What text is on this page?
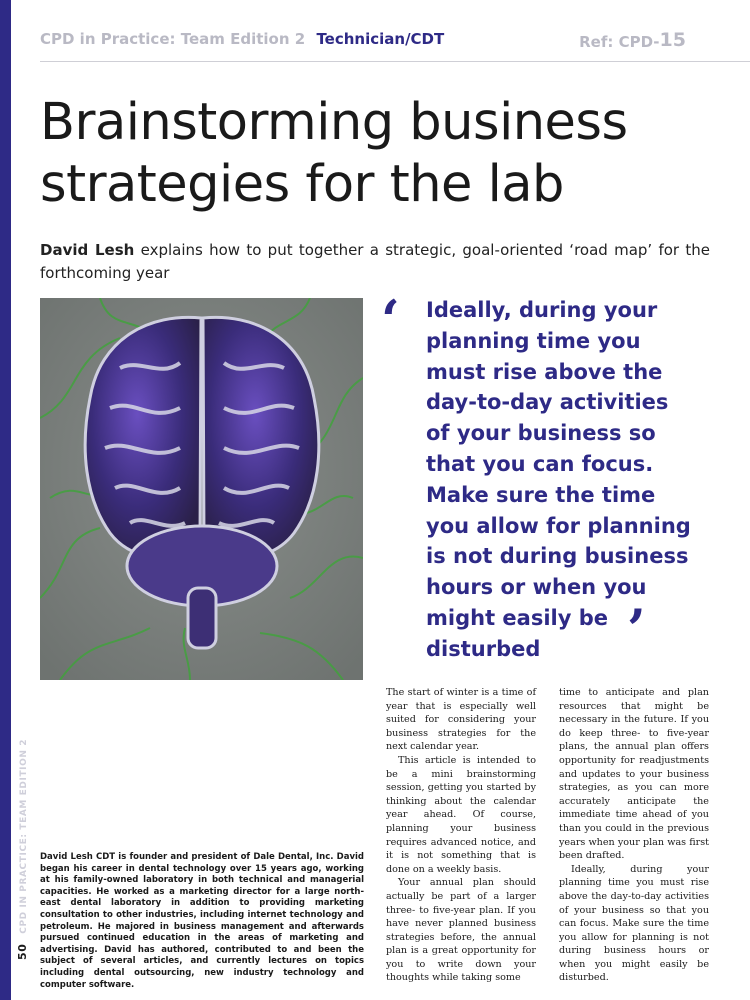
CPD in Practice: Team Edition 2 Technician/CDT	Ref: CPD-15
Brainstorming business
strategies for the lab
David Lesh explains how to put together a strategic, goal-oriented ‘road map’ for the forthcoming year
‘ Ideally, during your
planning time you
must rise above the
day-to-day activities
of your business so
that you can focus.
Make sure the time
you allow for planning
is not during business
hours or when you
might easily be
disturbed	’
50 CPD IN PRACTICE: TEAM EDITION 2 David Lesh CDT is founder and president of Dale Dental, Inc. David began his career in dental technology over 15 years ago, working at his family-owned laboratory in both technical and managerial capacities. He worked as a marketing director for a large north-east dental laboratory in addition to providing marketing consultation to other industries, including internet technology and petroleum. He majored in business management and afterwards pursued continued education in the areas of marketing and advertising. David has authored, contributed to and been the subject of several articles, and currently lectures on topics including dental outsourcing, new industry technology and computer software.

The start of winter is a time of year that is especially well suited for considering your business strategies for the next calendar year.

This article is intended to be a mini brainstorming session, getting you started by thinking about the calendar year ahead. Of course, planning your business requires advanced notice, and it is not something that is done on a weekly basis.

Your annual plan should actually be part of a larger three- to five-year plan. If you have never planned business strategies before, the annual plan is a great opportunity for you to write down your thoughts while taking some

time to anticipate and plan resources that might be necessary in the future. If you do keep three- to five-year plans, the annual plan offers opportunity for readjustments and updates to your business strategies, as you can more accurately anticipate the immediate time ahead of you than you could in the previous years when your plan was first been drafted.

Ideally, during your planning time you must rise above the day-to-day activities of your business so that you can focus. Make sure the time you allow for planning is not during business hours or when you might easily be disturbed.
